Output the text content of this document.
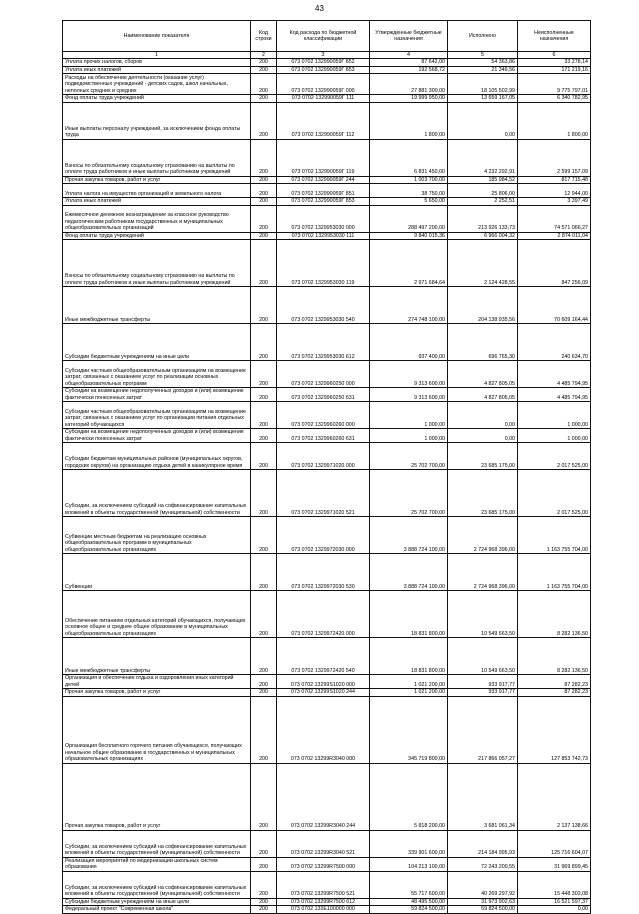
43
Наименование показателя	Код строки	Код расхода по бюджетной классификации	Утвержденные бюджетные назначения	Исполнено	Неисполненные назначения
1	2	3	4	5	6
Уплата прочих налогов, сборов	200	073 0702 132990059Г 852	87 642,00	54 363,86	33 278,14
Уплата иных платежей	200	073 0702 132990059Г 853	192 568,72	21 349,56	171 219,16
Расходы на обеспечение деятельности (оказание услуг) подведомственных учреждений - детских садов, школ начальных, неполных средних и средних	200	073 0702 132990059Г 000	27 881 300,00	18 105 502,99	9 775 797,01
Фонд оплаты труда учреждений	200	073 0702 132990059Г 111	19 999 950,00	13 659 167,05	6 340 782,95
Иные выплаты персоналу учреждений, за исключением фонда оплаты труда	200	073 0702 132990059Г 112	1 800,00	0,00	1 800,00
Взносы по обязательному социальному страхованию на выплаты по оплате труда работников и иные выплаты работникам учреждений	200	073 0702 132990059Г 119	6 831 450,00	4 232 292,91	2 599 157,09
Прочая закупка товаров, работ и услуг	200	073 0702 132990059Г 244	1 003 700,00	185 984,52	817 715,48
Уплата налога на имущество организаций и земельного налога	200	073 0702 132990059Г 851	38 750,00	25 806,00	12 944,00
Уплата иных платежей	200	073 0702 132990059Г 853	5 650,00	2 252,51	3 397,49
Ежемесячное денежное вознаграждение за классное руководство педагогическим работникам государственных и муниципальных общеобразовательных организаций	200	073 0702 1329953030 000	288 497 200,00	213 926 133,73	74 571 066,27
Фонд оплаты труда учреждений	200	073 0702 1329953030 111	9 840 015,36	6 966 004,32	2 874 011,04
Взносы по обязательному социальному страхованию на выплаты по оплате труда работников и иные выплаты работникам учреждений	200	073 0702 1329953030 119	2 971 684,64	2 124 428,55	847 256,09
Иные межбюджетные трансферты	200	073 0702 1329953030 540	274 748 100,00	204 138 935,56	70 609 164,44
Субсидии бюджетным учреждениям на иные цели	200	073 0702 1329953030 612	937 400,00	696 765,30	240 634,70
Субсидии частным общеобразовательным организациям на возмещение затрат, связанных с оказанием услуг по реализации основных общеобразовательных программ	200	073 0702 1329960250 000	9 313 600,00	4 827 805,05	4 485 794,95
Субсидии на возмещение недополученных доходов и (или) возмещение фактически понесенных затрат	200	073 0702 1329960250 631	9 313 600,00	4 827 805,05	4 485 794,95
Субсидии частным общеобразовательным организациям на возмещение затрат, связанных с оказанием услуг по организации питания отдельных категорий обучающихся	200	073 0702 1329960260 000	1 000,00	0,00	1 000,00
Субсидии на возмещение недополученных доходов и (или) возмещение фактически понесенных затрат	200	073 0702 1329960260 631	1 000,00	0,00	1 000,00
Субсидии бюджетам муниципальных районов (муниципальных округов, городских округов) на организацию отдыха детей в каникулярное время	200	073 0702 1329971020 000	25 702 700,00	23 685 175,00	2 017 525,00
Субсидии, за исключением субсидий на софинансирование капитальных вложений в объекты государственной (муниципальной) собственности	200	073 0702 1329971020 521	25 702 700,00	23 685 175,00	2 017 525,00
Субвенции местным бюджетам на реализацию основных общеобразовательных программ в муниципальных общеобразовательных организациях	200	073 0702 1329972030 000	3 888 724 100,00	2 724 968 396,00	1 163 755 704,00
Субвенции	200	073 0702 1329972030 530	3 888 724 100,00	2 724 968 396,00	1 163 755 704,00
Обеспечение питанием отдельных категорий обучающихся, получающих основное общее и среднее общее образование в муниципальных общеобразовательных организациях	200	073 0702 1329972420 000	18 831 800,00	10 549 663,50	8 282 136,50
Иные межбюджетные трансферты	200	073 0702 1329972420 540	18 831 800,00	10 549 663,50	8 282 136,50
Организация и обеспечение отдыха и оздоровления иных категорий детей	200	073 0702 13299S1020 000	1 021 200,00	933 917,77	87 282,23
Прочая закупка товаров, работ и услуг	200	073 0702 13299S1020 244	1 021 200,00	933 917,77	87 282,23
Организация бесплатного горячего питания обучающихся, получающих начальное общее образование в государственных и муниципальных образовательных организациях	200	073 0702 13299R3040 000	345 719 800,00	217 866 057,27	127 853 742,73
Прочая закупка товаров, работ и услуг	200	073 0702 13299R3040 244	5 818 200,00	3 681 061,34	2 137 138,66
Субсидии, за исключением субсидий на софинансирование капитальных вложений в объекты государственной (муниципальной) собственности	200	073 0702 13299R3040 521	339 901 600,00	214 184 995,93	125 716 604,07
Реализация мероприятий по модернизации школьных систем образования	200	073 0702 13299R7500 000	104 213 100,00	72 243 200,55	31 969 899,45
Субсидии, за исключением субсидий на софинансирование капитальных вложений в объекты государственной (муниципальной) собственности	200	073 0702 13299R7500 521	55 717 600,00	40 269 297,92	15 448 302,08
Субсидии бюджетным учреждениям на иные цели	200	073 0702 13299R7500 612	48 495 500,00	31 973 902,63	16 521 597,37
Федеральный проект "Современная школа"	200	073 0702 132E100000 000	59 824 500,00	59 824 500,00	0,00
